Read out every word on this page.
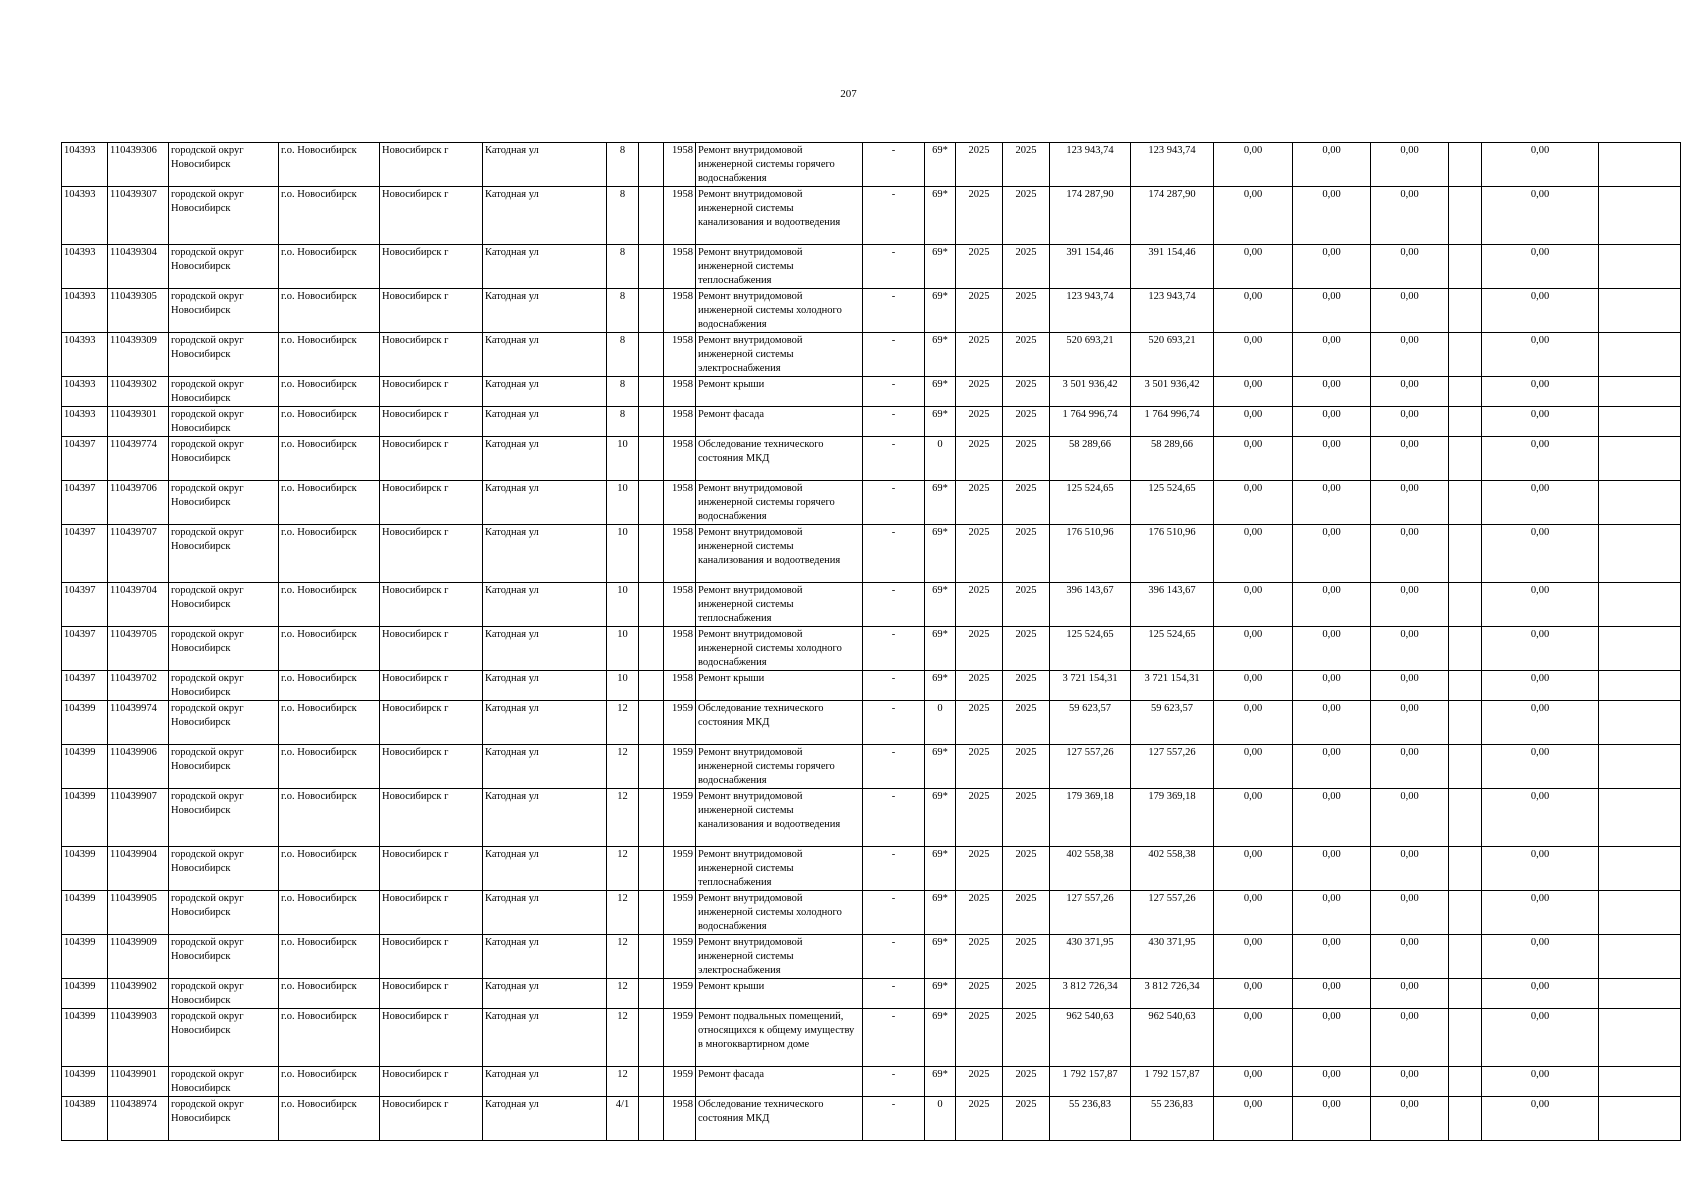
207
104393	110439306	городской округ Новосибирск	г.о. Новосибирск	Новосибирск г	Катодная ул	8		1958	Ремонт внутридомовой инженерной системы горячего водоснабжения	-	69*	2025	2025	123 943,74	123 943,74	0,00	0,00	0,00		0,00	
104393	110439307	городской округ Новосибирск	г.о. Новосибирск	Новосибирск г	Катодная ул	8		1958	Ремонт внутридомовой инженерной системы канализования и водоотведения	-	69*	2025	2025	174 287,90	174 287,90	0,00	0,00	0,00		0,00	
104393	110439304	городской округ Новосибирск	г.о. Новосибирск	Новосибирск г	Катодная ул	8		1958	Ремонт внутридомовой инженерной системы теплоснабжения	-	69*	2025	2025	391 154,46	391 154,46	0,00	0,00	0,00		0,00	
104393	110439305	городской округ Новосибирск	г.о. Новосибирск	Новосибирск г	Катодная ул	8		1958	Ремонт внутридомовой инженерной системы холодного водоснабжения	-	69*	2025	2025	123 943,74	123 943,74	0,00	0,00	0,00		0,00	
104393	110439309	городской округ Новосибирск	г.о. Новосибирск	Новосибирск г	Катодная ул	8		1958	Ремонт внутридомовой инженерной системы электроснабжения	-	69*	2025	2025	520 693,21	520 693,21	0,00	0,00	0,00		0,00	
104393	110439302	городской округ Новосибирск	г.о. Новосибирск	Новосибирск г	Катодная ул	8		1958	Ремонт крыши	-	69*	2025	2025	3 501 936,42	3 501 936,42	0,00	0,00	0,00		0,00	
104393	110439301	городской округ Новосибирск	г.о. Новосибирск	Новосибирск г	Катодная ул	8		1958	Ремонт фасада	-	69*	2025	2025	1 764 996,74	1 764 996,74	0,00	0,00	0,00		0,00	
104397	110439774	городской округ Новосибирск	г.о. Новосибирск	Новосибирск г	Катодная ул	10		1958	Обследование технического состояния МКД	-	0	2025	2025	58 289,66	58 289,66	0,00	0,00	0,00		0,00	
104397	110439706	городской округ Новосибирск	г.о. Новосибирск	Новосибирск г	Катодная ул	10		1958	Ремонт внутридомовой инженерной системы горячего водоснабжения	-	69*	2025	2025	125 524,65	125 524,65	0,00	0,00	0,00		0,00	
104397	110439707	городской округ Новосибирск	г.о. Новосибирск	Новосибирск г	Катодная ул	10		1958	Ремонт внутридомовой инженерной системы канализования и водоотведения	-	69*	2025	2025	176 510,96	176 510,96	0,00	0,00	0,00		0,00	
104397	110439704	городской округ Новосибирск	г.о. Новосибирск	Новосибирск г	Катодная ул	10		1958	Ремонт внутридомовой инженерной системы теплоснабжения	-	69*	2025	2025	396 143,67	396 143,67	0,00	0,00	0,00		0,00	
104397	110439705	городской округ Новосибирск	г.о. Новосибирск	Новосибирск г	Катодная ул	10		1958	Ремонт внутридомовой инженерной системы холодного водоснабжения	-	69*	2025	2025	125 524,65	125 524,65	0,00	0,00	0,00		0,00	
104397	110439702	городской округ Новосибирск	г.о. Новосибирск	Новосибирск г	Катодная ул	10		1958	Ремонт крыши	-	69*	2025	2025	3 721 154,31	3 721 154,31	0,00	0,00	0,00		0,00	
104399	110439974	городской округ Новосибирск	г.о. Новосибирск	Новосибирск г	Катодная ул	12		1959	Обследование технического состояния МКД	-	0	2025	2025	59 623,57	59 623,57	0,00	0,00	0,00		0,00	
104399	110439906	городской округ Новосибирск	г.о. Новосибирск	Новосибирск г	Катодная ул	12		1959	Ремонт внутридомовой инженерной системы горячего водоснабжения	-	69*	2025	2025	127 557,26	127 557,26	0,00	0,00	0,00		0,00	
104399	110439907	городской округ Новосибирск	г.о. Новосибирск	Новосибирск г	Катодная ул	12		1959	Ремонт внутридомовой инженерной системы канализования и водоотведения	-	69*	2025	2025	179 369,18	179 369,18	0,00	0,00	0,00		0,00	
104399	110439904	городской округ Новосибирск	г.о. Новосибирск	Новосибирск г	Катодная ул	12		1959	Ремонт внутридомовой инженерной системы теплоснабжения	-	69*	2025	2025	402 558,38	402 558,38	0,00	0,00	0,00		0,00	
104399	110439905	городской округ Новосибирск	г.о. Новосибирск	Новосибирск г	Катодная ул	12		1959	Ремонт внутридомовой инженерной системы холодного водоснабжения	-	69*	2025	2025	127 557,26	127 557,26	0,00	0,00	0,00		0,00	
104399	110439909	городской округ Новосибирск	г.о. Новосибирск	Новосибирск г	Катодная ул	12		1959	Ремонт внутридомовой инженерной системы электроснабжения	-	69*	2025	2025	430 371,95	430 371,95	0,00	0,00	0,00		0,00	
104399	110439902	городской округ Новосибирск	г.о. Новосибирск	Новосибирск г	Катодная ул	12		1959	Ремонт крыши	-	69*	2025	2025	3 812 726,34	3 812 726,34	0,00	0,00	0,00		0,00	
104399	110439903	городской округ Новосибирск	г.о. Новосибирск	Новосибирск г	Катодная ул	12		1959	Ремонт подвальных помещений, относящихся к общему имуществу в многоквартирном доме	-	69*	2025	2025	962 540,63	962 540,63	0,00	0,00	0,00		0,00	
104399	110439901	городской округ Новосибирск	г.о. Новосибирск	Новосибирск г	Катодная ул	12		1959	Ремонт фасада	-	69*	2025	2025	1 792 157,87	1 792 157,87	0,00	0,00	0,00		0,00	
104389	110438974	городской округ Новосибирск	г.о. Новосибирск	Новосибирск г	Катодная ул	4/1		1958	Обследование технического состояния МКД	-	0	2025	2025	55 236,83	55 236,83	0,00	0,00	0,00		0,00	
